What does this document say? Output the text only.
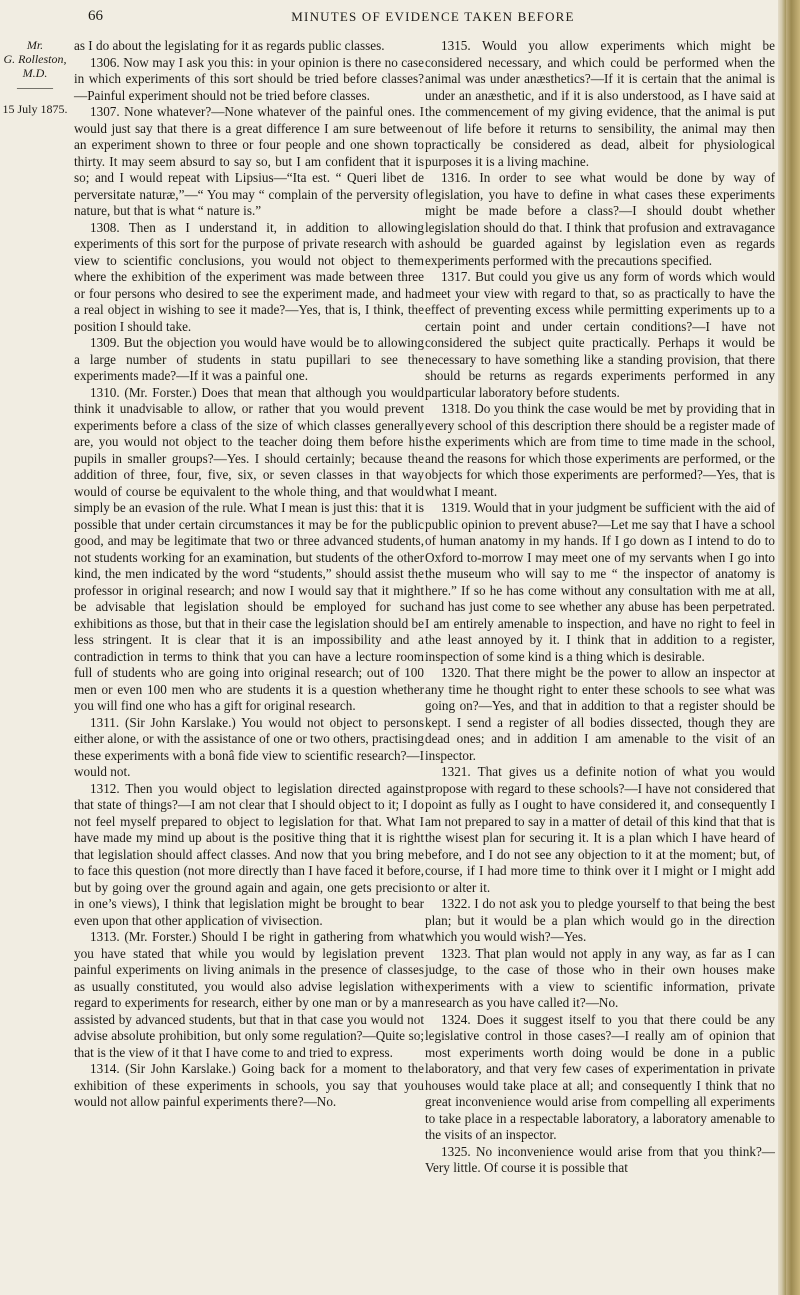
66	MINUTES OF EVIDENCE TAKEN BEFORE
Mr.
G. Rolleston,
M.D.
———
15 July 1875.

as I do about the legislating for it as regards public classes.

1306. Now may I ask you this: in your opinion is there no case in which experiments of this sort should be tried before classes?—Painful experiment should not be tried before classes.

1307. None whatever?—None whatever of the painful ones. I would just say that there is a great difference I am sure between an experiment shown to three or four people and one shown to thirty. It may seem absurd to say so, but I am confident that it is so; and I would repeat with Lipsius—“Ita est. “ Queri libet de perversitate naturæ,”—“ You may “ complain of the perversity of nature, but that is what “ nature is.”

1308. Then as I understand it, in addition to allowing experiments of this sort for the purpose of private research with a view to scientific conclusions, you would not object to them where the exhibition of the experiment was made between three or four persons who desired to see the experiment made, and had a real object in wishing to see it made?—Yes, that is, I think, the position I should take.

1309. But the objection you would have would be to allowing a large number of students in statu pupillari to see the experiments made?—If it was a painful one.

1310. (Mr. Forster.) Does that mean that although you would think it unadvisable to allow, or rather that you would prevent experiments before a class of the size of which classes generally are, you would not object to the teacher doing them before his pupils in smaller groups?—Yes. I should certainly; because the addition of three, four, five, six, or seven classes in that way would of course be equivalent to the whole thing, and that would simply be an evasion of the rule. What I mean is just this: that it is possible that under certain circumstances it may be for the public good, and may be legitimate that two or three advanced students, not students working for an examination, but students of the other kind, the men indicated by the word “students,” should assist the professor in original research; and now I would say that it might be advisable that legislation should be employed for such exhibitions as those, but that in their case the legislation should be less stringent. It is clear that it is an impossibility and a contradiction in terms to think that you can have a lecture room full of students who are going into original research; out of 100 men or even 100 men who are students it is a question whether you will find one who has a gift for original research.

1311. (Sir John Karslake.) You would not object to persons either alone, or with the assistance of one or two others, practising these experiments with a bonâ fide view to scientific research?—I would not.

1312. Then you would object to legislation directed against that state of things?—I am not clear that I should object to it; I do not feel myself prepared to object to legislation for that. What I have made my mind up about is the positive thing that it is right that legislation should affect classes. And now that you bring me to face this question (not more directly than I have faced it before, but by going over the ground again and again, one gets precision in one’s views), I think that legislation might be brought to bear even upon that other application of vivisection.

1313. (Mr. Forster.) Should I be right in gathering from what you have stated that while you would by legislation prevent painful experiments on living animals in the presence of classes as usually constituted, you would also advise legislation with regard to experiments for research, either by one man or by a man assisted by advanced students, but that in that case you would not advise absolute prohibition, but only some regulation?—Quite so; that is the view of it that I have come to and tried to express.

1314. (Sir John Karslake.) Going back for a moment to the exhibition of these experiments in schools, you say that you would not allow painful experiments there?—No.

1315. Would you allow experiments which might be considered necessary, and which could be performed when the animal was under anæsthetics?—If it is certain that the animal is under an anæsthetic, and if it is also understood, as I have said at the commencement of my giving evidence, that the animal is put out of life before it returns to sensibility, the animal may then practically be considered as dead, albeit for physiological purposes it is a living machine.

1316. In order to see what would be done by way of legislation, you have to define in what cases these experiments might be made before a class?—I should doubt whether legislation should do that. I think that profusion and extravagance should be guarded against by legislation even as regards experiments performed with the precautions specified.

1317. But could you give us any form of words which would meet your view with regard to that, so as practically to have the effect of preventing excess while permitting experiments up to a certain point and under certain conditions?—I have not considered the subject quite practically. Perhaps it would be necessary to have something like a standing provision, that there should be returns as regards experiments performed in any particular laboratory before students.

1318. Do you think the case would be met by providing that in every school of this description there should be a register made of the experiments which are from time to time made in the school, and the reasons for which those experiments are performed, or the objects for which those experiments are performed?—Yes, that is what I meant.

1319. Would that in your judgment be sufficient with the aid of public opinion to prevent abuse?—Let me say that I have a school of human anatomy in my hands. If I go down as I intend to do to Oxford to-morrow I may meet one of my servants when I go into the museum who will say to me “ the inspector of anatomy is here.” If so he has come without any consultation with me at all, and has just come to see whether any abuse has been perpetrated. I am entirely amenable to inspection, and have no right to feel in the least annoyed by it. I think that in addition to a register, inspection of some kind is a thing which is desirable.

1320. That there might be the power to allow an inspector at any time he thought right to enter these schools to see what was going on?—Yes, and that in addition to that a register should be kept. I send a register of all bodies dissected, though they are dead ones; and in addition I am amenable to the visit of an inspector.

1321. That gives us a definite notion of what you would propose with regard to these schools?—I have not considered that point as fully as I ought to have considered it, and consequently I am not prepared to say in a matter of detail of this kind that that is the wisest plan for securing it. It is a plan which I have heard of before, and I do not see any objection to it at the moment; but, of course, if I had more time to think over it I might or I might add to or alter it.

1322. I do not ask you to pledge yourself to that being the best plan; but it would be a plan which would go in the direction which you would wish?—Yes.

1323. That plan would not apply in any way, as far as I can judge, to the case of those who in their own houses make experiments with a view to scientific information, private research as you have called it?—No.

1324. Does it suggest itself to you that there could be any legislative control in those cases?—I really am of opinion that most experiments worth doing would be done in a public laboratory, and that very few cases of experimentation in private houses would take place at all; and consequently I think that no great inconvenience would arise from compelling all experiments to take place in a respectable laboratory, a laboratory amenable to the visits of an inspector.

1325. No inconvenience would arise from that you think?—Very little. Of course it is possible that
